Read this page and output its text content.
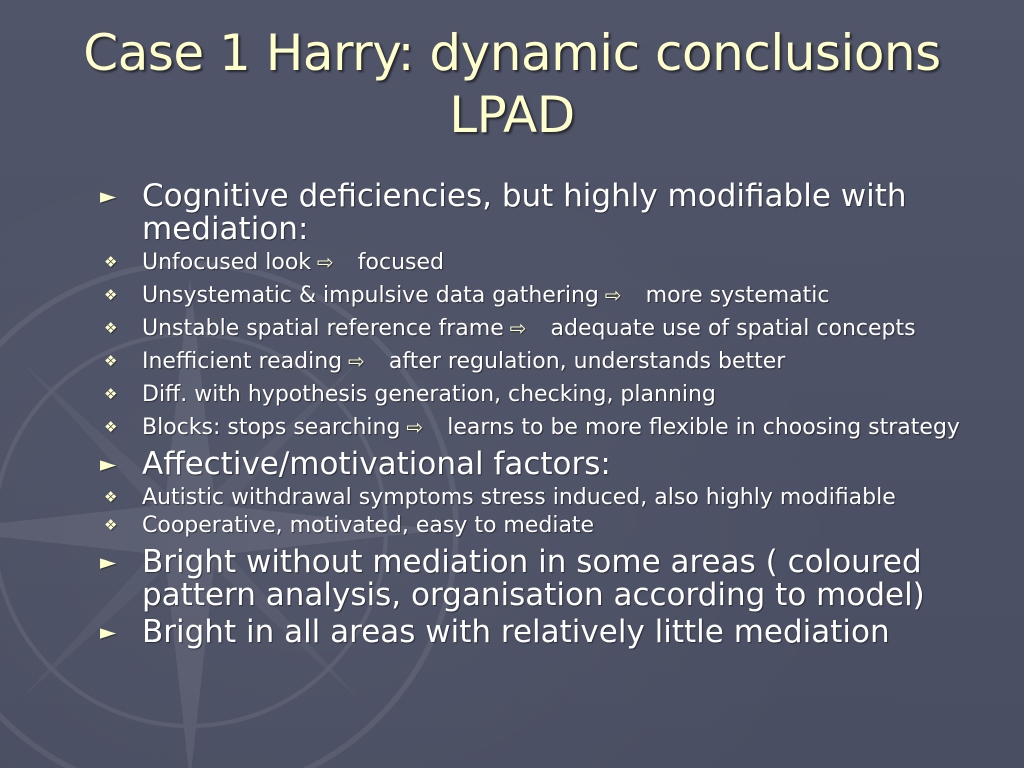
Case 1 Harry: dynamic conclusions
LPAD
► Cognitive deficiencies, but highly modifiable with mediation:
❖ Unfocused look ⇨ focused
❖ Unsystematic & impulsive data gathering ⇨ more systematic
❖ Unstable spatial reference frame ⇨ adequate use of spatial concepts
❖ Inefficient reading ⇨ after regulation, understands better
❖ Diff. with hypothesis generation, checking, planning
❖ Blocks: stops searching ⇨ learns to be more flexible in choosing strategy
► Affective/motivational factors:
❖ Autistic withdrawal symptoms stress induced, also highly modifiable
❖ Cooperative, motivated, easy to mediate
► Bright without mediation in some areas ( coloured pattern analysis, organisation according to model)
► Bright in all areas with relatively little mediation
